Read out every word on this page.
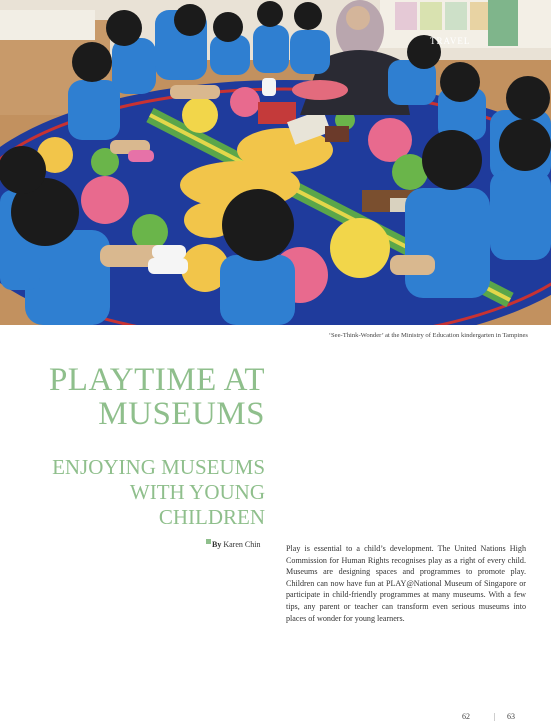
TRAVEL
‘See-Think-Wonder’ at the Ministry of Education kindergarten in Tampines
PLAYTIME AT
MUSEUMS
ENJOYING MUSEUMS
WITH YOUNG
CHILDREN
By Karen Chin	Play is essential to a child’s development. The United Nations High Commission for Human Rights recognises play as a right of every child. Museums are designing spaces and programmes to promote play. Children can now have fun at PLAY@National Museum of Singapore or participate in child-friendly programmes at many museums. With a few tips, any parent or teacher can transform even serious museums into places of wonder for young learners.
62	| 63
